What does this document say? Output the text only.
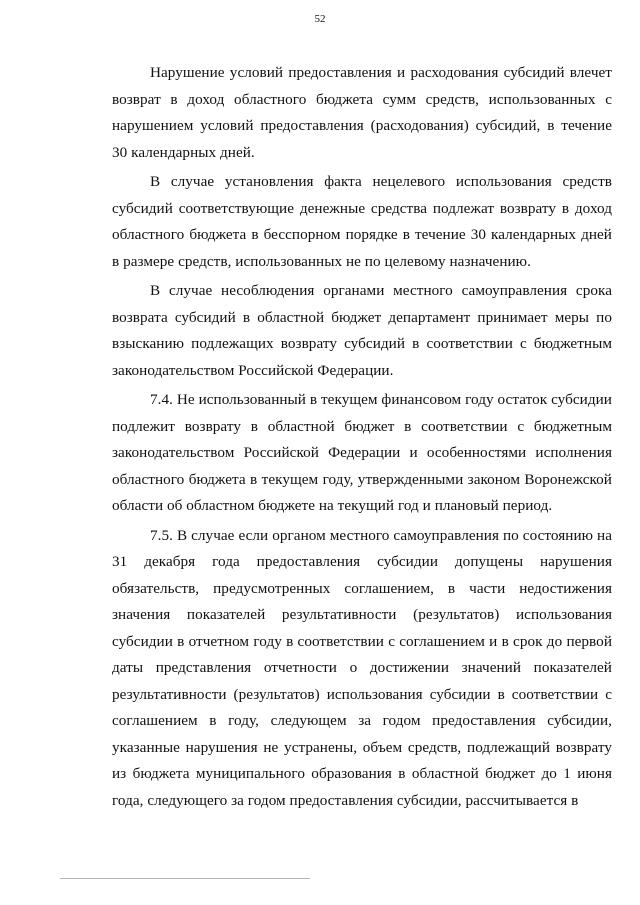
52

Нарушение условий предоставления и расходования субсидий влечет возврат в доход областного бюджета сумм средств, использованных с нарушением условий предоставления (расходования) субсидий, в течение 30 календарных дней.

В случае установления факта нецелевого использования средств субсидий соответствующие денежные средства подлежат возврату в доход областного бюджета в бесспорном порядке в течение 30 календарных дней в размере средств, использованных не по целевому назначению.

В случае несоблюдения органами местного самоуправления срока возврата субсидий в областной бюджет департамент принимает меры по взысканию подлежащих возврату субсидий в соответствии с бюджетным законодательством Российской Федерации.

7.4. Не использованный в текущем финансовом году остаток субсидии подлежит возврату в областной бюджет в соответствии с бюджетным законодательством Российской Федерации и особенностями исполнения областного бюджета в текущем году, утвержденными законом Воронежской области об областном бюджете на текущий год и плановый период.

7.5. В случае если органом местного самоуправления по состоянию на 31 декабря года предоставления субсидии допущены нарушения обязательств, предусмотренных соглашением, в части недостижения значения показателей результативности (результатов) использования субсидии в отчетном году в соответствии с соглашением и в срок до первой даты представления отчетности о достижении значений показателей результативности (результатов) использования субсидии в соответствии с соглашением в году, следующем за годом предоставления субсидии, указанные нарушения не устранены, объем средств, подлежащий возврату из бюджета муниципального образования в областной бюджет до 1 июня года, следующего за годом предоставления субсидии, рассчитывается в
